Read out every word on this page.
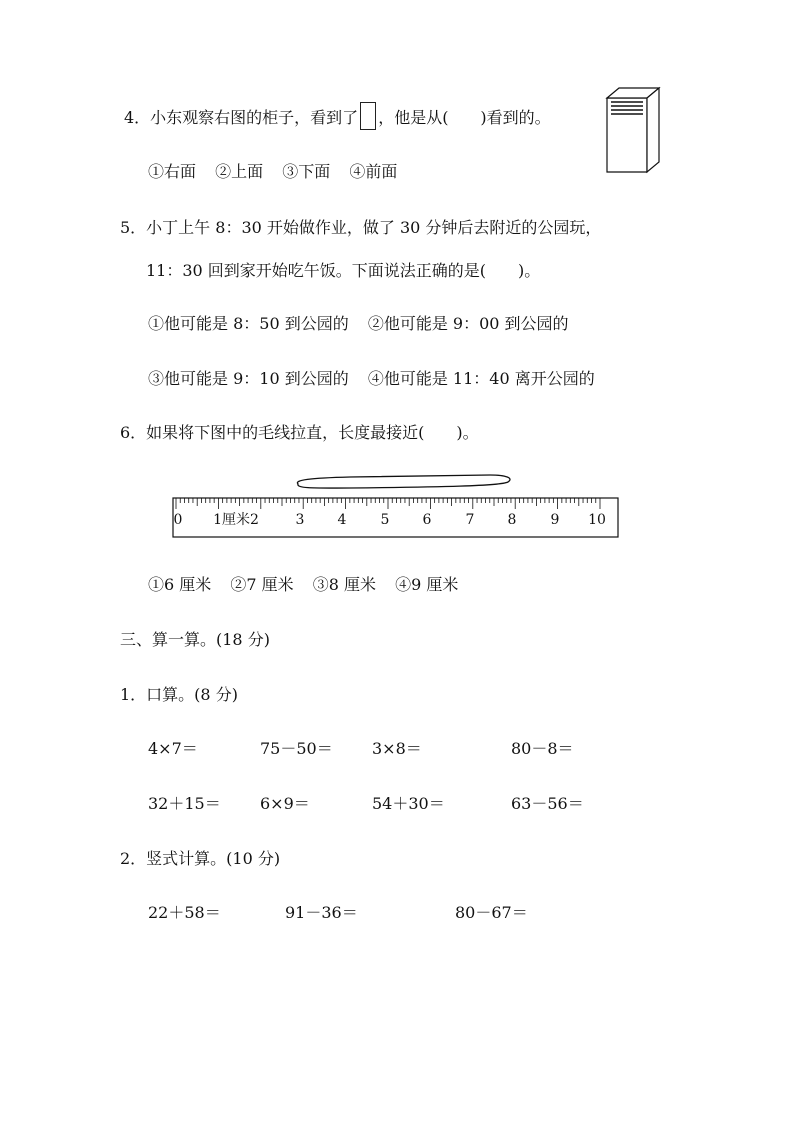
4．小东观察右图的柜子，看到了 ，他是从(　　)看到的。
①右面 ②上面 ③下面 ④前面
5．小丁上午 8：30 开始做作业，做了 30 分钟后去附近的公园玩，
11：30 回到家开始吃午饭。下面说法正确的是(　　)。
①他可能是 8：50 到公园的 ②他可能是 9：00 到公园的
③他可能是 9：10 到公园的 ④他可能是 11：40 离开公园的
6．如果将下图中的毛线拉直，长度最接近(　　)。
0 1厘米2	3 4 5 6 7 8 9 10
①6 厘米 ②7 厘米 ③8 厘米 ④9 厘米
三、算一算。(18 分)
1．口算。(8 分)
4×7＝	75－50＝ 3×8＝	80－8＝
32＋15＝ 6×9＝	54＋30＝	63－56＝
2．竖式计算。(10 分)
22＋58＝	91－36＝	80－67＝
